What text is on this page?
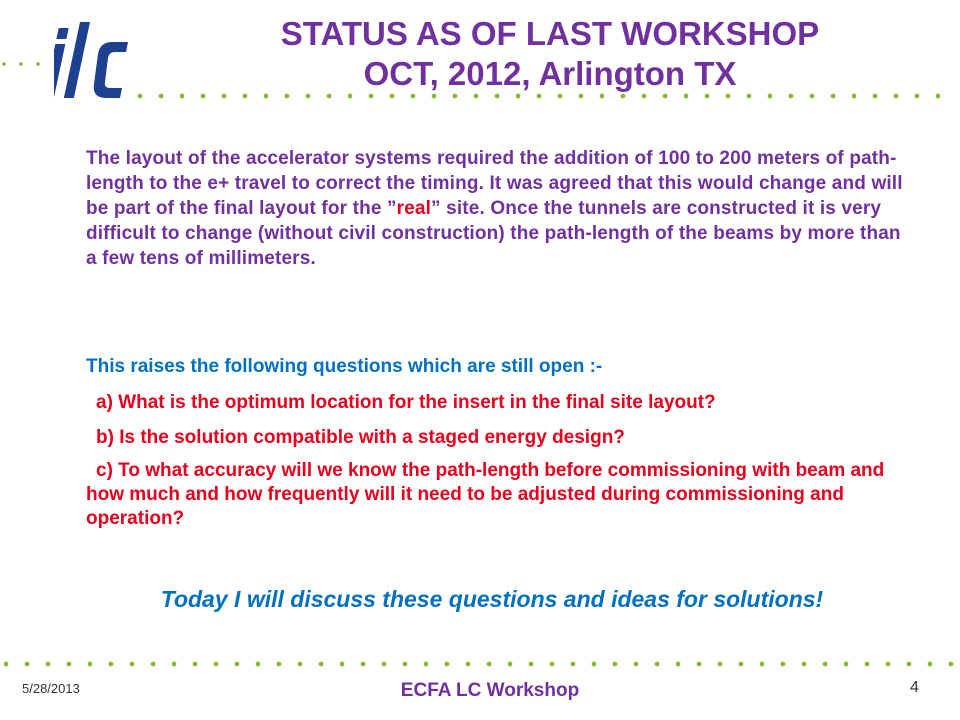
STATUS AS OF LAST WORKSHOP
OCT, 2012, Arlington TX
The layout of the accelerator systems required the addition of 100 to 200 meters of path-length to the e+ travel to correct the timing. It was agreed that this would change and will be part of the final layout for the ”real” site. Once the tunnels are constructed it is very difficult to change (without civil construction) the path-length of the beams by more than a few tens of millimeters.
This raises the following questions which are still open :-
a) What is the optimum location for the insert in the final site layout?
b) Is the solution compatible with a staged energy design?
c) To what accuracy will we know the path-length before commissioning with beam and how much and how frequently will it need to be adjusted during commissioning and operation?
Today I will discuss these questions and ideas for solutions!
5/28/2013	ECFA LC Workshop	4
